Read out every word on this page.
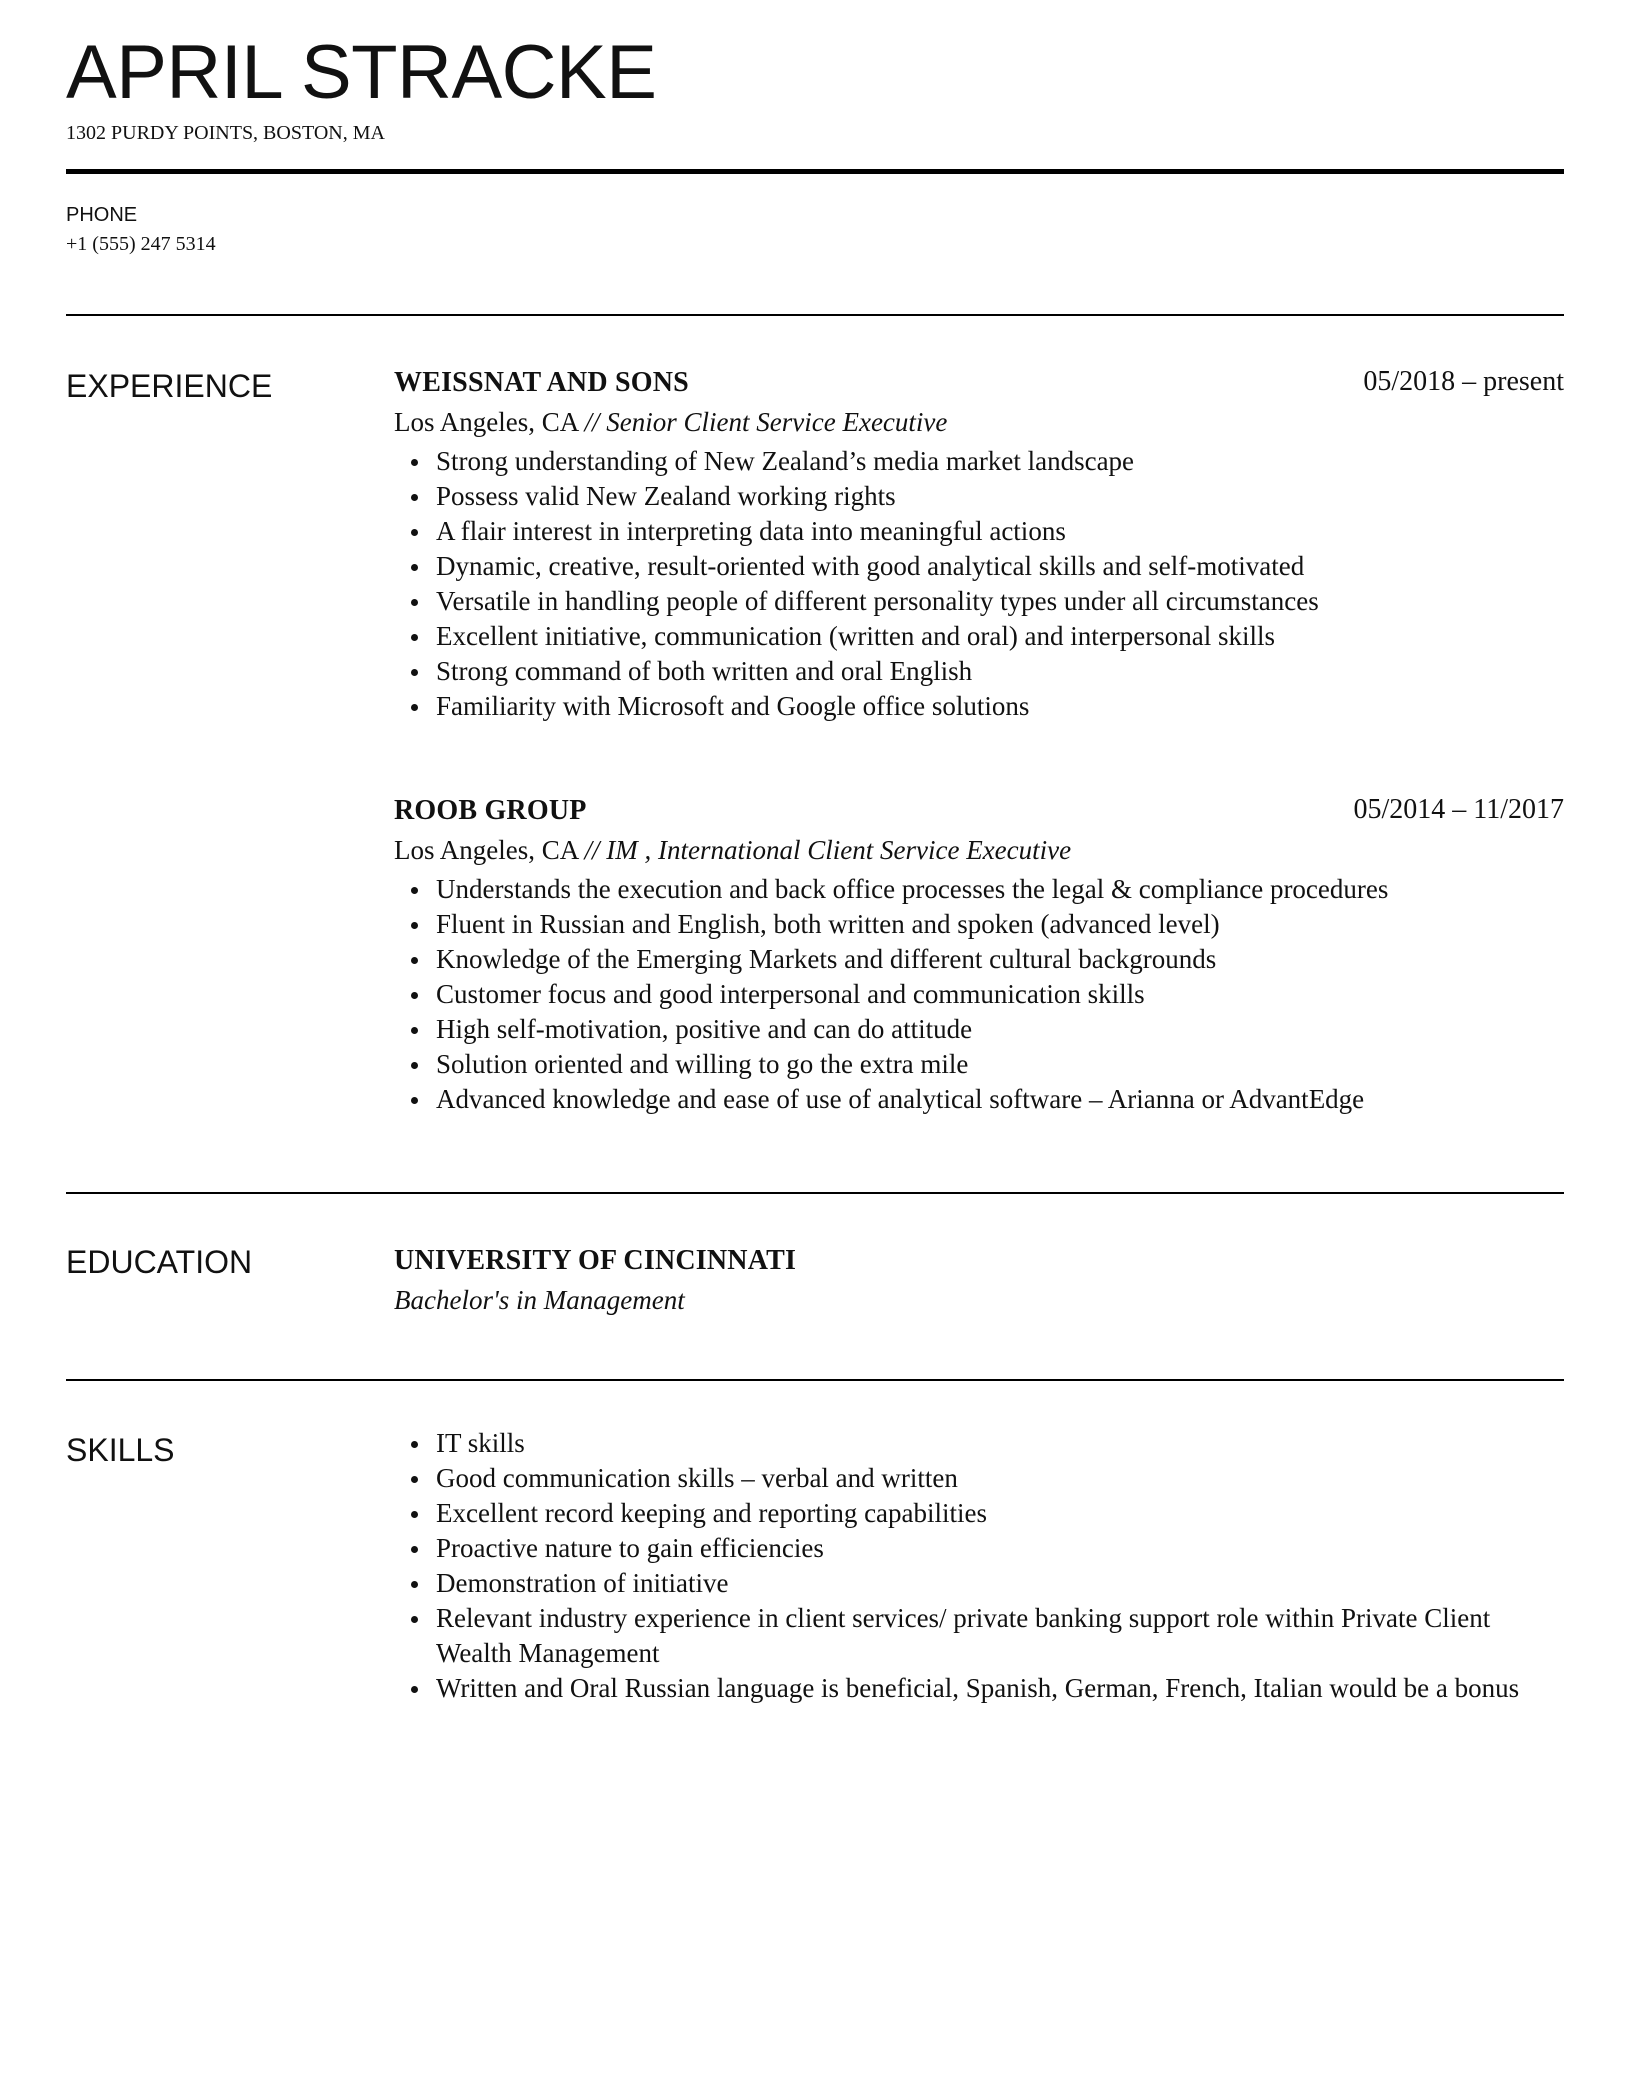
APRIL STRACKE
1302 PURDY POINTS, BOSTON, MA
PHONE
+1 (555) 247 5314
EXPERIENCE	WEISSNAT AND SONS	05/2018 – present
Los Angeles, CA // Senior Client Service Executive
Strong understanding of New Zealand’s media market landscape
Possess valid New Zealand working rights
A flair interest in interpreting data into meaningful actions
Dynamic, creative, result-oriented with good analytical skills and self-motivated
Versatile in handling people of different personality types under all circumstances
Excellent initiative, communication (written and oral) and interpersonal skills
Strong command of both written and oral English
Familiarity with Microsoft and Google office solutions
ROOB GROUP	05/2014 – 11/2017
Los Angeles, CA // IM , International Client Service Executive
Understands the execution and back office processes the legal & compliance procedures
Fluent in Russian and English, both written and spoken (advanced level)
Knowledge of the Emerging Markets and different cultural backgrounds
Customer focus and good interpersonal and communication skills
High self-motivation, positive and can do attitude
Solution oriented and willing to go the extra mile
Advanced knowledge and ease of use of analytical software – Arianna or AdvantEdge
EDUCATION	UNIVERSITY OF CINCINNATI
Bachelor's in Management
SKILLS	IT skills
Good communication skills – verbal and written
Excellent record keeping and reporting capabilities
Proactive nature to gain efficiencies
Demonstration of initiative
Relevant industry experience in client services/ private banking support role within Private Client Wealth Management
Written and Oral Russian language is beneficial, Spanish, German, French, Italian would be a bonus
